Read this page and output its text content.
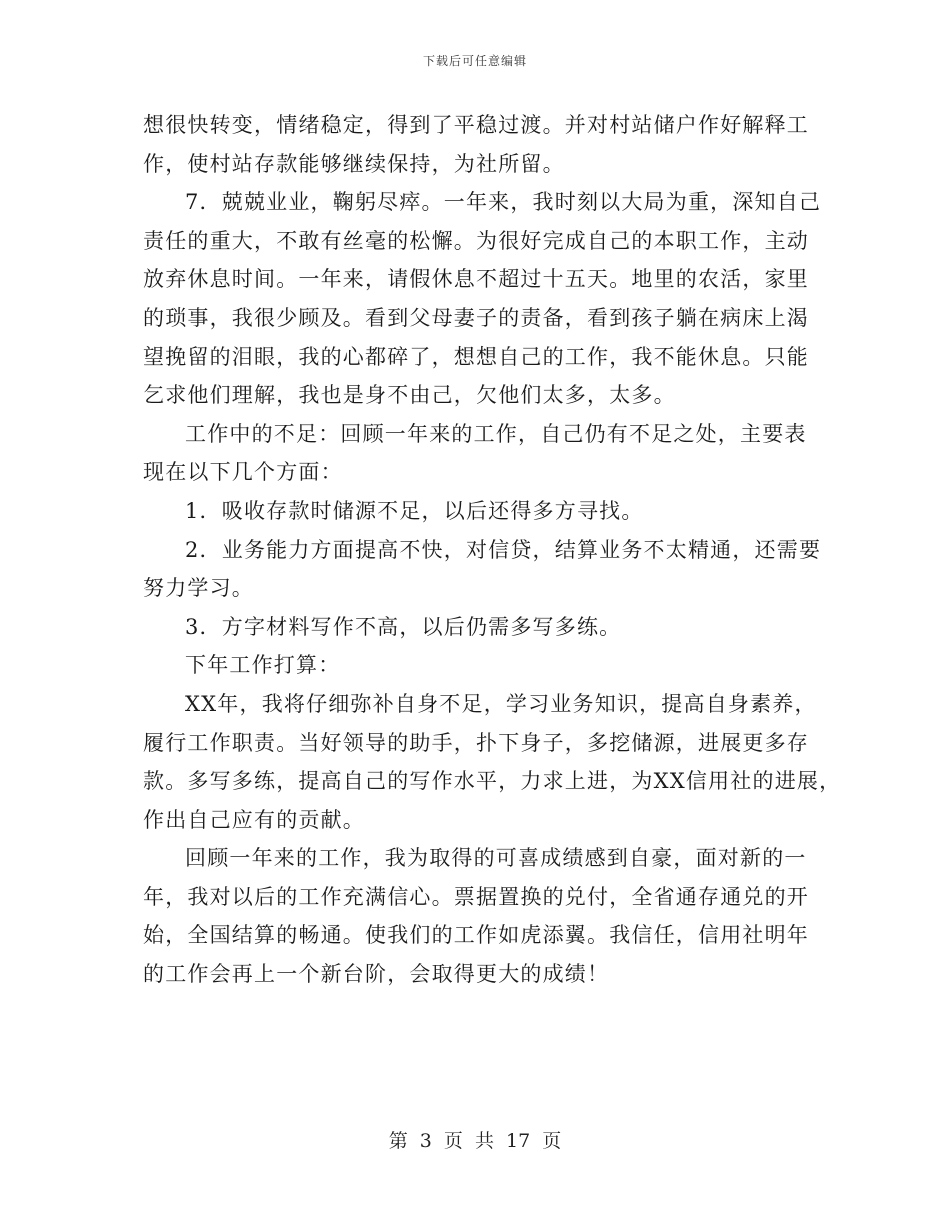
下载后可任意编辑
想很快转变，情绪稳定，得到了平稳过渡。并对村站储户作好解释工
作，使村站存款能够继续保持，为社所留。
7．兢兢业业，鞠躬尽瘁。一年来，我时刻以大局为重，深知自己
责任的重大，不敢有丝毫的松懈。为很好完成自己的本职工作，主动
放弃休息时间。一年来，请假休息不超过十五天。地里的农活，家里
的琐事，我很少顾及。看到父母妻子的责备，看到孩子躺在病床上渴
望挽留的泪眼，我的心都碎了，想想自己的工作，我不能休息。只能
乞求他们理解，我也是身不由己，欠他们太多，太多。
工作中的不足：回顾一年来的工作，自己仍有不足之处，主要表
现在以下几个方面：
1．吸收存款时储源不足，以后还得多方寻找。
2．业务能力方面提高不快，对信贷，结算业务不太精通，还需要
努力学习。
3．方字材料写作不高，以后仍需多写多练。
下年工作打算：
XX年，我将仔细弥补自身不足，学习业务知识，提高自身素养，
履行工作职责。当好领导的助手，扑下身子，多挖储源，进展更多存
款。多写多练，提高自己的写作水平，力求上进，为XX信用社的进展，
作出自己应有的贡献。
回顾一年来的工作，我为取得的可喜成绩感到自豪，面对新的一
年，我对以后的工作充满信心。票据置换的兑付，全省通存通兑的开
始，全国结算的畅通。使我们的工作如虎添翼。我信任，信用社明年
的工作会再上一个新台阶，会取得更大的成绩！
第 3 页 共 17 页
